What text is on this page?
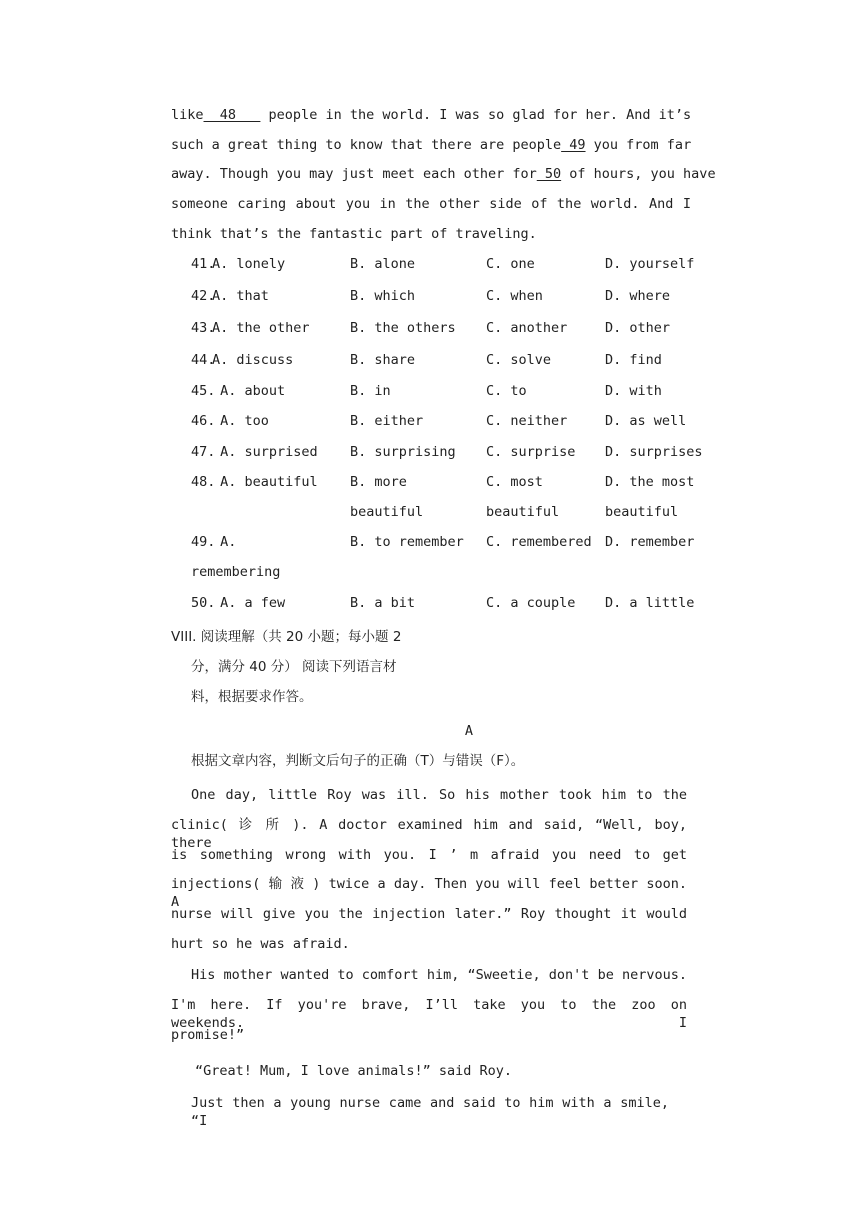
like  48    people in the world. I was so glad for her. And it’s
such a great thing to know that there are people 49 you from far
away. Though you may just meet each other for 50 of hours, you have
someone caring about you in the other side of the world. And I
think that’s the fantastic part of traveling.
41.
A. lonely	B. alone	C. one	D. yourself
42.
A. that	B. which	C. when	D. where
43.
A. the other	B. the others C. another	D. other
44.
A. discuss	B. share	C. solve	D. find
45.
A. about	B. in	C. to	D. with
46.
A. too	B. either	C. neither	D. as well
47.
A. surprised B. surprising C. surprise D. surprises
48.
A. beautiful B. more
beautiful
C. most
beautiful
D. the most
beautiful
49.
A.
remembering
B. to remember C. remembered D. remember
50.
A. a few	B. a bit	C. a couple D. a little
VIII. 阅读理解（共 20 小题；每小题 2
分，满分 40 分） 阅读下列语言材
料，根据要求作答。
A
根据文章内容，判断文后句子的正确（T）与错误（F）。
One day, little Roy was ill. So his mother took him to the
clinic( 诊 所 ). A doctor examined him and said, “Well, boy, there
is something wrong with you. I ’ m afraid you need to get
injections( 输 液 ) twice a day. Then you will feel better soon. A
nurse will give you the injection later.” Roy thought it would
hurt so he was afraid.
His mother wanted to comfort him, “Sweetie, don't be nervous.
I'm here. If you're brave, I’ll take you to the zoo on weekends. I
promise!”
“Great! Mum, I love animals!” said Roy.
Just then a young nurse came and said to him with a smile, “I
